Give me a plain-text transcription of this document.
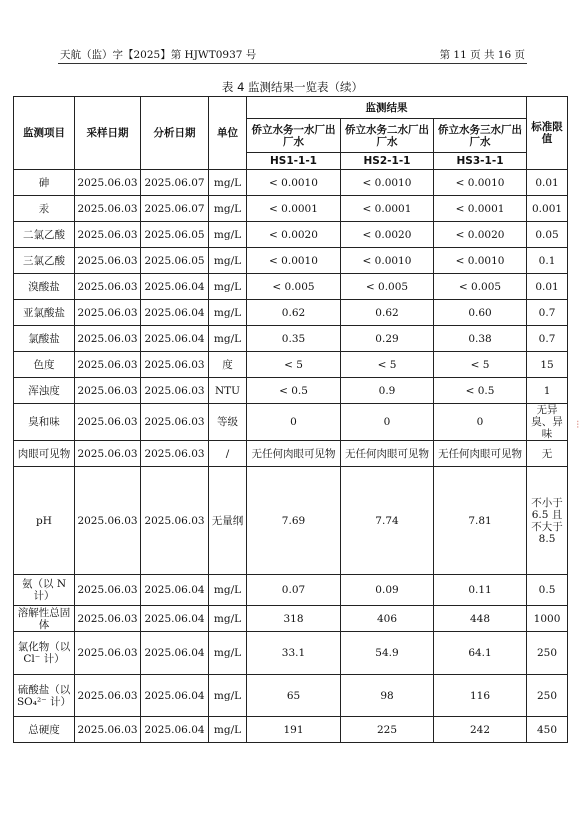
天航（监）字【2025】第 HJWT0937 号	第 11 页 共 16 页
表 4 监测结果一览表（续）
监测项目	采样日期	分析日期	单位	监测结果			标准限值
				侨立水务一水厂出厂水	侨立水务二水厂出厂水	侨立水务三水厂出厂水	
				HS1-1-1	HS2-1-1	HS3-1-1	
砷	2025.06.03	2025.06.07	mg/L	< 0.0010	< 0.0010	< 0.0010	0.01
汞	2025.06.03	2025.06.07	mg/L	< 0.0001	< 0.0001	< 0.0001	0.001
二氯乙酸	2025.06.03	2025.06.05	mg/L	< 0.0020	< 0.0020	< 0.0020	0.05
三氯乙酸	2025.06.03	2025.06.05	mg/L	< 0.0010	< 0.0010	< 0.0010	0.1
溴酸盐	2025.06.03	2025.06.04	mg/L	< 0.005	< 0.005	< 0.005	0.01
亚氯酸盐	2025.06.03	2025.06.04	mg/L	0.62	0.62	0.60	0.7
氯酸盐	2025.06.03	2025.06.04	mg/L	0.35	0.29	0.38	0.7
色度	2025.06.03	2025.06.03	度	< 5	< 5	< 5	15
浑浊度	2025.06.03	2025.06.03	NTU	< 0.5	0.9	< 0.5	1
臭和味	2025.06.03	2025.06.03	等级	0	0	0	无异臭、异味
肉眼可见物	2025.06.03	2025.06.03	/	无任何肉眼可见物	无任何肉眼可见物	无任何肉眼可见物	无
pH	2025.06.03	2025.06.03	无量纲	7.69	7.74	7.81	不小于 6.5 且不大于 8.5
氨（以 N 计）	2025.06.03	2025.06.04	mg/L	0.07	0.09	0.11	0.5
溶解性总固体	2025.06.03	2025.06.04	mg/L	318	406	448	1000
氯化物（以 Cl⁻ 计）	2025.06.03	2025.06.04	mg/L	33.1	54.9	64.1	250
硫酸盐（以 SO₄²⁻ 计）	2025.06.03	2025.06.04	mg/L	65	98	116	250
总硬度	2025.06.03	2025.06.04	mg/L	191	225	242	450
⁝
